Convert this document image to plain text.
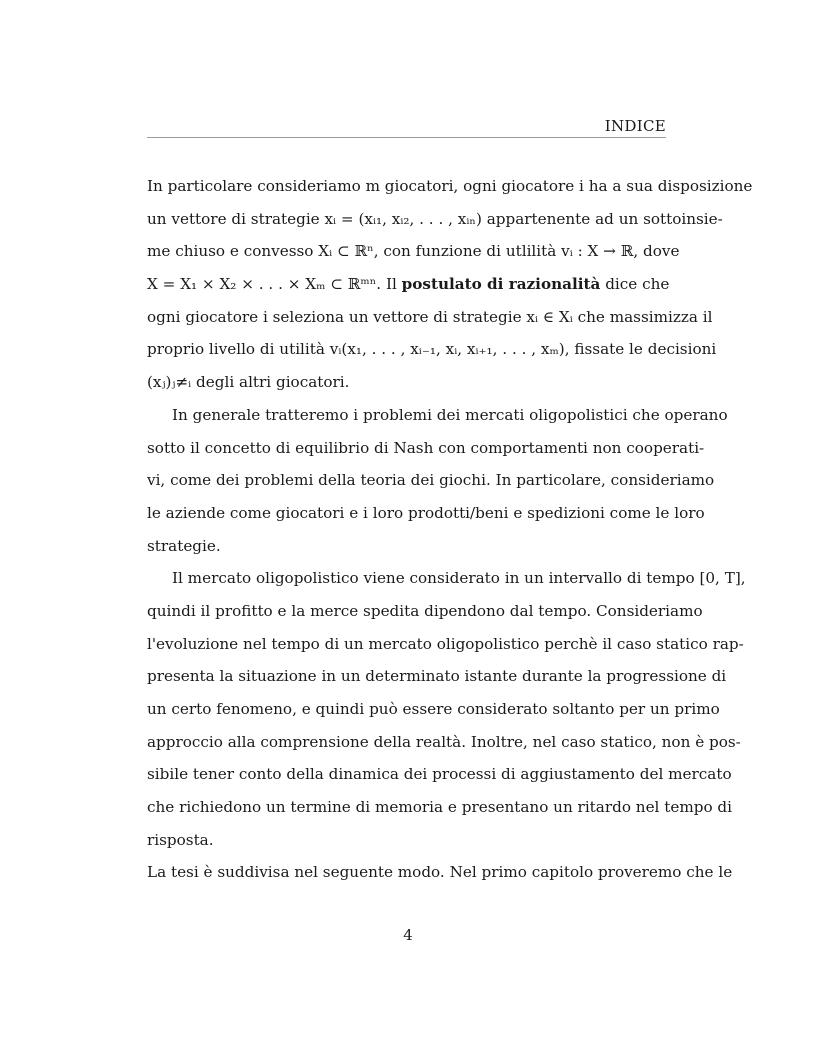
INDICE
In particolare consideriamo m giocatori, ogni giocatore i ha a sua disposizione
un vettore di strategie xᵢ = (xᵢ₁, xᵢ₂, . . . , xᵢₙ) appartenente ad un sottoinsie-
me chiuso e convesso Xᵢ ⊂ ℝⁿ, con funzione di utlilità vᵢ : X → ℝ, dove
X = X₁ × X₂ × . . . × Xₘ ⊂ ℝᵐⁿ. Il postulato di razionalità dice che
ogni giocatore i seleziona un vettore di strategie xᵢ ∈ Xᵢ che massimizza il
proprio livello di utilità vᵢ(x₁, . . . , xᵢ₋₁, xᵢ, xᵢ₊₁, . . . , xₘ), fissate le decisioni
(xⱼ)ⱼ≠ᵢ degli altri giocatori.
In generale tratteremo i problemi dei mercati oligopolistici che operano
sotto il concetto di equilibrio di Nash con comportamenti non cooperati-
vi, come dei problemi della teoria dei giochi. In particolare, consideriamo
le aziende come giocatori e i loro prodotti/beni e spedizioni come le loro
strategie.
Il mercato oligopolistico viene considerato in un intervallo di tempo [0, T],
quindi il profitto e la merce spedita dipendono dal tempo. Consideriamo
l'evoluzione nel tempo di un mercato oligopolistico perchè il caso statico rap-
presenta la situazione in un determinato istante durante la progressione di
un certo fenomeno, e quindi può essere considerato soltanto per un primo
approccio alla comprensione della realtà. Inoltre, nel caso statico, non è pos-
sibile tener conto della dinamica dei processi di aggiustamento del mercato
che richiedono un termine di memoria e presentano un ritardo nel tempo di
risposta.
La tesi è suddivisa nel seguente modo. Nel primo capitolo proveremo che le
4
